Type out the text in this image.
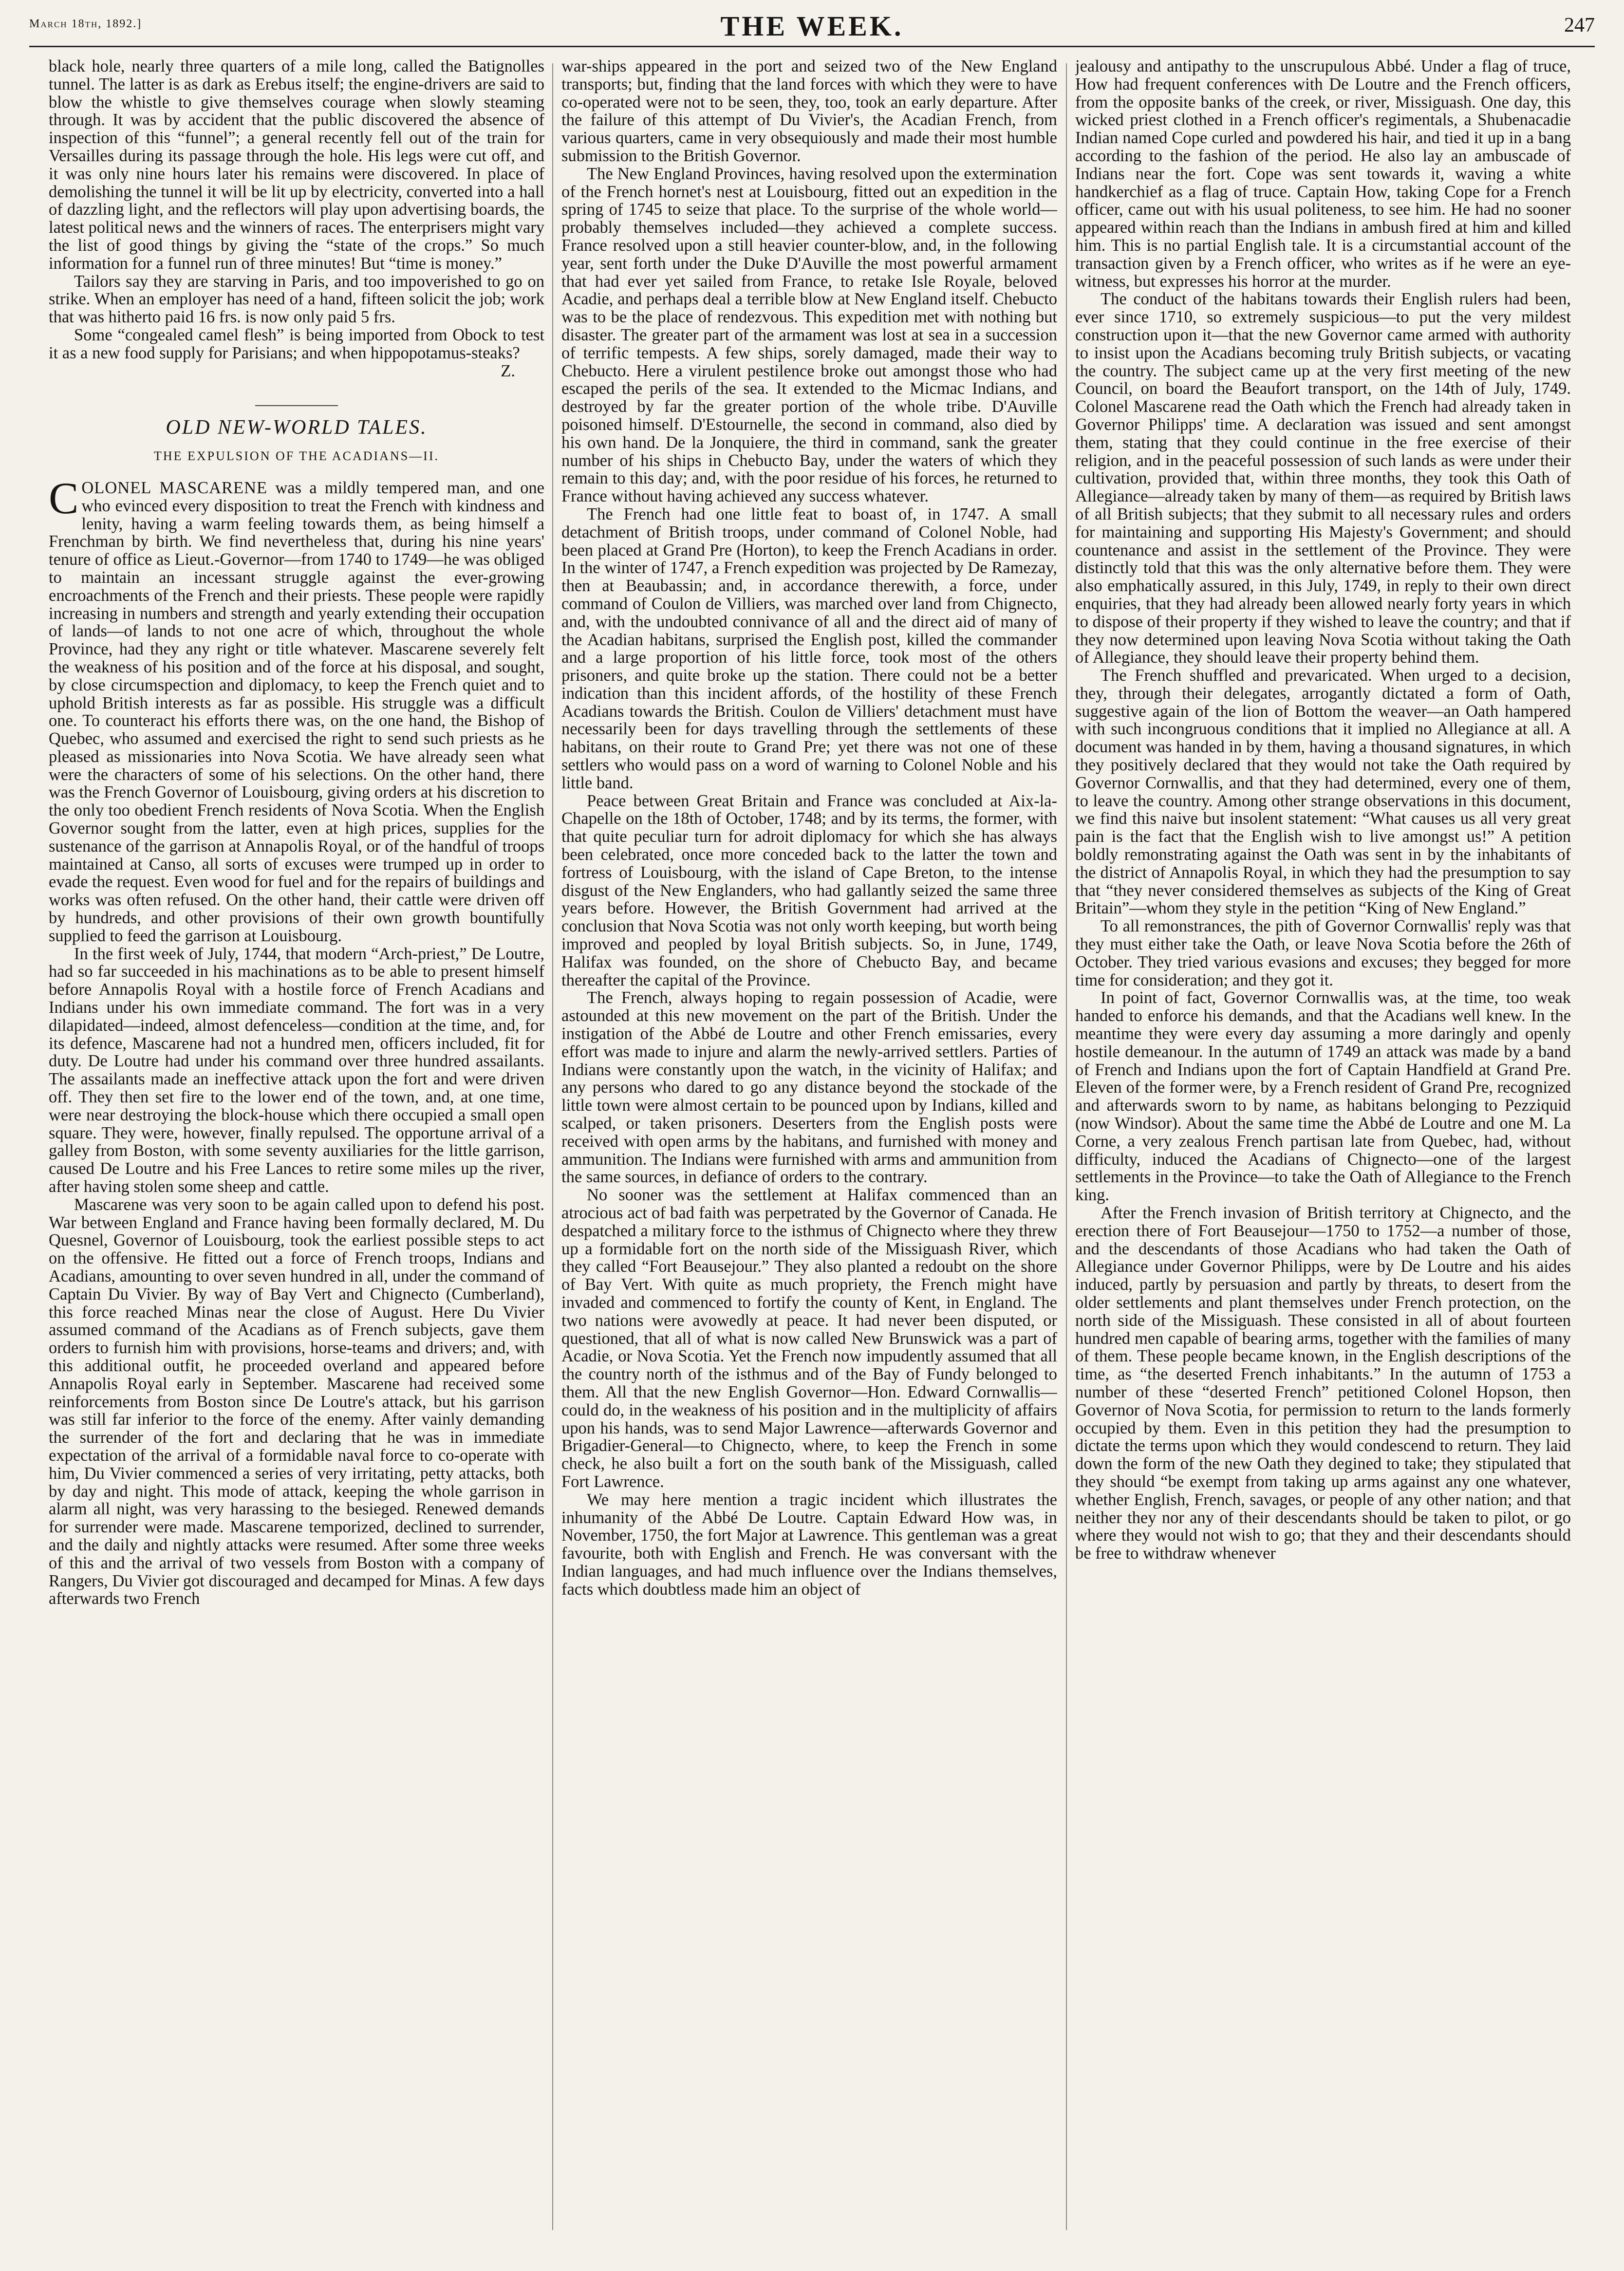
March 18th, 1892.]	THE WEEK.	247

black hole, nearly three quarters of a mile long, called the Batignolles tunnel. The latter is as dark as Erebus itself; the engine-drivers are said to blow the whistle to give themselves courage when slowly steaming through. It was by accident that the public discovered the absence of inspection of this “funnel”; a general recently fell out of the train for Versailles during its passage through the hole. His legs were cut off, and it was only nine hours later his remains were discovered. In place of demolishing the tunnel it will be lit up by electricity, converted into a hall of dazzling light, and the reflectors will play upon advertising boards, the latest political news and the winners of races. The enterprisers might vary the list of good things by giving the “state of the crops.” So much information for a funnel run of three minutes! But “time is money.”

Tailors say they are starving in Paris, and too impoverished to go on strike. When an employer has need of a hand, fifteen solicit the job; work that was hitherto paid 16 frs. is now only paid 5 frs.

Some “congealed camel flesh” is being imported from Obock to test it as a new food supply for Parisians; and when hippopotamus-steaks?

Z.

OLD NEW-WORLD TALES.

THE EXPULSION OF THE ACADIANS—II.

COLONEL MASCARENE was a mildly tempered man, and one who evinced every disposition to treat the French with kindness and lenity, having a warm feeling towards them, as being himself a Frenchman by birth. We find nevertheless that, during his nine years' tenure of office as Lieut.-Governor—from 1740 to 1749—he was obliged to maintain an incessant struggle against the ever-growing encroachments of the French and their priests. These people were rapidly increasing in numbers and strength and yearly extending their occupation of lands—of lands to not one acre of which, throughout the whole Province, had they any right or title whatever. Mascarene severely felt the weakness of his position and of the force at his disposal, and sought, by close circumspection and diplomacy, to keep the French quiet and to uphold British interests as far as possible. His struggle was a difficult one. To counteract his efforts there was, on the one hand, the Bishop of Quebec, who assumed and exercised the right to send such priests as he pleased as missionaries into Nova Scotia. We have already seen what were the characters of some of his selections. On the other hand, there was the French Governor of Louisbourg, giving orders at his discretion to the only too obedient French residents of Nova Scotia. When the English Governor sought from the latter, even at high prices, supplies for the sustenance of the garrison at Annapolis Royal, or of the handful of troops maintained at Canso, all sorts of excuses were trumped up in order to evade the request. Even wood for fuel and for the repairs of buildings and works was often refused. On the other hand, their cattle were driven off by hundreds, and other provisions of their own growth bountifully supplied to feed the garrison at Louisbourg.

In the first week of July, 1744, that modern “Arch-priest,” De Loutre, had so far succeeded in his machinations as to be able to present himself before Annapolis Royal with a hostile force of French Acadians and Indians under his own immediate command. The fort was in a very dilapidated—indeed, almost defenceless—condition at the time, and, for its defence, Mascarene had not a hundred men, officers included, fit for duty. De Loutre had under his command over three hundred assailants. The assailants made an ineffective attack upon the fort and were driven off. They then set fire to the lower end of the town, and, at one time, were near destroying the block-house which there occupied a small open square. They were, however, finally repulsed. The opportune arrival of a galley from Boston, with some seventy auxiliaries for the little garrison, caused De Loutre and his Free Lances to retire some miles up the river, after having stolen some sheep and cattle.

Mascarene was very soon to be again called upon to defend his post. War between England and France having been formally declared, M. Du Quesnel, Governor of Louisbourg, took the earliest possible steps to act on the offensive. He fitted out a force of French troops, Indians and Acadians, amounting to over seven hundred in all, under the command of Captain Du Vivier. By way of Bay Vert and Chignecto (Cumberland), this force reached Minas near the close of August. Here Du Vivier assumed command of the Acadians as of French subjects, gave them orders to furnish him with provisions, horse-teams and drivers; and, with this additional outfit, he proceeded overland and appeared before Annapolis Royal early in September. Mascarene had received some reinforcements from Boston since De Loutre's attack, but his garrison was still far inferior to the force of the enemy. After vainly demanding the surrender of the fort and declaring that he was in immediate expectation of the arrival of a formidable naval force to co-operate with him, Du Vivier commenced a series of very irritating, petty attacks, both by day and night. This mode of attack, keeping the whole garrison in alarm all night, was very harassing to the besieged. Renewed demands for surrender were made. Mascarene temporized, declined to surrender, and the daily and nightly attacks were resumed. After some three weeks of this and the arrival of two vessels from Boston with a company of Rangers, Du Vivier got discouraged and decamped for Minas. A few days afterwards two French

war-ships appeared in the port and seized two of the New England transports; but, finding that the land forces with which they were to have co-operated were not to be seen, they, too, took an early departure. After the failure of this attempt of Du Vivier's, the Acadian French, from various quarters, came in very obsequiously and made their most humble submission to the British Governor.

The New England Provinces, having resolved upon the extermination of the French hornet's nest at Louisbourg, fitted out an expedition in the spring of 1745 to seize that place. To the surprise of the whole world—probably themselves included—they achieved a complete success. France resolved upon a still heavier counter-blow, and, in the following year, sent forth under the Duke D'Auville the most powerful armament that had ever yet sailed from France, to retake Isle Royale, beloved Acadie, and perhaps deal a terrible blow at New England itself. Chebucto was to be the place of rendezvous. This expedition met with nothing but disaster. The greater part of the armament was lost at sea in a succession of terrific tempests. A few ships, sorely damaged, made their way to Chebucto. Here a virulent pestilence broke out amongst those who had escaped the perils of the sea. It extended to the Micmac Indians, and destroyed by far the greater portion of the whole tribe. D'Auville poisoned himself. D'Estournelle, the second in command, also died by his own hand. De la Jonquiere, the third in command, sank the greater number of his ships in Chebucto Bay, under the waters of which they remain to this day; and, with the poor residue of his forces, he returned to France without having achieved any success whatever.

The French had one little feat to boast of, in 1747. A small detachment of British troops, under command of Colonel Noble, had been placed at Grand Pre (Horton), to keep the French Acadians in order. In the winter of 1747, a French expedition was projected by De Ramezay, then at Beaubassin; and, in accordance therewith, a force, under command of Coulon de Villiers, was marched over land from Chignecto, and, with the undoubted connivance of all and the direct aid of many of the Acadian habitans, surprised the English post, killed the commander and a large proportion of his little force, took most of the others prisoners, and quite broke up the station. There could not be a better indication than this incident affords, of the hostility of these French Acadians towards the British. Coulon de Villiers' detachment must have necessarily been for days travelling through the settlements of these habitans, on their route to Grand Pre; yet there was not one of these settlers who would pass on a word of warning to Colonel Noble and his little band.

Peace between Great Britain and France was concluded at Aix-la-Chapelle on the 18th of October, 1748; and by its terms, the former, with that quite peculiar turn for adroit diplomacy for which she has always been celebrated, once more conceded back to the latter the town and fortress of Louisbourg, with the island of Cape Breton, to the intense disgust of the New Englanders, who had gallantly seized the same three years before. However, the British Government had arrived at the conclusion that Nova Scotia was not only worth keeping, but worth being improved and peopled by loyal British subjects. So, in June, 1749, Halifax was founded, on the shore of Chebucto Bay, and became thereafter the capital of the Province.

The French, always hoping to regain possession of Acadie, were astounded at this new movement on the part of the British. Under the instigation of the Abbé de Loutre and other French emissaries, every effort was made to injure and alarm the newly-arrived settlers. Parties of Indians were constantly upon the watch, in the vicinity of Halifax; and any persons who dared to go any distance beyond the stockade of the little town were almost certain to be pounced upon by Indians, killed and scalped, or taken prisoners. Deserters from the English posts were received with open arms by the habitans, and furnished with money and ammunition. The Indians were furnished with arms and ammunition from the same sources, in defiance of orders to the contrary.

No sooner was the settlement at Halifax commenced than an atrocious act of bad faith was perpetrated by the Governor of Canada. He despatched a military force to the isthmus of Chignecto where they threw up a formidable fort on the north side of the Missiguash River, which they called “Fort Beausejour.” They also planted a redoubt on the shore of Bay Vert. With quite as much propriety, the French might have invaded and commenced to fortify the county of Kent, in England. The two nations were avowedly at peace. It had never been disputed, or questioned, that all of what is now called New Brunswick was a part of Acadie, or Nova Scotia. Yet the French now impudently assumed that all the country north of the isthmus and of the Bay of Fundy belonged to them. All that the new English Governor—Hon. Edward Cornwallis—could do, in the weakness of his position and in the multiplicity of affairs upon his hands, was to send Major Lawrence—afterwards Governor and Brigadier-General—to Chignecto, where, to keep the French in some check, he also built a fort on the south bank of the Missiguash, called Fort Lawrence.

We may here mention a tragic incident which illustrates the inhumanity of the Abbé De Loutre. Captain Edward How was, in November, 1750, the fort Major at Lawrence. This gentleman was a great favourite, both with English and French. He was conversant with the Indian languages, and had much influence over the Indians themselves, facts which doubtless made him an object of

jealousy and antipathy to the unscrupulous Abbé. Under a flag of truce, How had frequent conferences with De Loutre and the French officers, from the opposite banks of the creek, or river, Missiguash. One day, this wicked priest clothed in a French officer's regimentals, a Shubenacadie Indian named Cope curled and powdered his hair, and tied it up in a bang according to the fashion of the period. He also lay an ambuscade of Indians near the fort. Cope was sent towards it, waving a white handkerchief as a flag of truce. Captain How, taking Cope for a French officer, came out with his usual politeness, to see him. He had no sooner appeared within reach than the Indians in ambush fired at him and killed him. This is no partial English tale. It is a circumstantial account of the transaction given by a French officer, who writes as if he were an eye-witness, but expresses his horror at the murder.

The conduct of the habitans towards their English rulers had been, ever since 1710, so extremely suspicious—to put the very mildest construction upon it—that the new Governor came armed with authority to insist upon the Acadians becoming truly British subjects, or vacating the country. The subject came up at the very first meeting of the new Council, on board the Beaufort transport, on the 14th of July, 1749. Colonel Mascarene read the Oath which the French had already taken in Governor Philipps' time. A declaration was issued and sent amongst them, stating that they could continue in the free exercise of their religion, and in the peaceful possession of such lands as were under their cultivation, provided that, within three months, they took this Oath of Allegiance—already taken by many of them—as required by British laws of all British subjects; that they submit to all necessary rules and orders for maintaining and supporting His Majesty's Government; and should countenance and assist in the settlement of the Province. They were distinctly told that this was the only alternative before them. They were also emphatically assured, in this July, 1749, in reply to their own direct enquiries, that they had already been allowed nearly forty years in which to dispose of their property if they wished to leave the country; and that if they now determined upon leaving Nova Scotia without taking the Oath of Allegiance, they should leave their property behind them.

The French shuffled and prevaricated. When urged to a decision, they, through their delegates, arrogantly dictated a form of Oath, suggestive again of the lion of Bottom the weaver—an Oath hampered with such incongruous conditions that it implied no Allegiance at all. A document was handed in by them, having a thousand signatures, in which they positively declared that they would not take the Oath required by Governor Cornwallis, and that they had determined, every one of them, to leave the country. Among other strange observations in this document, we find this naive but insolent statement: “What causes us all very great pain is the fact that the English wish to live amongst us!” A petition boldly remonstrating against the Oath was sent in by the inhabitants of the district of Annapolis Royal, in which they had the presumption to say that “they never considered themselves as subjects of the King of Great Britain”—whom they style in the petition “King of New England.”

To all remonstrances, the pith of Governor Cornwallis' reply was that they must either take the Oath, or leave Nova Scotia before the 26th of October. They tried various evasions and excuses; they begged for more time for consideration; and they got it.

In point of fact, Governor Cornwallis was, at the time, too weak handed to enforce his demands, and that the Acadians well knew. In the meantime they were every day assuming a more daringly and openly hostile demeanour. In the autumn of 1749 an attack was made by a band of French and Indians upon the fort of Captain Handfield at Grand Pre. Eleven of the former were, by a French resident of Grand Pre, recognized and afterwards sworn to by name, as habitans belonging to Pezziquid (now Windsor). About the same time the Abbé de Loutre and one M. La Corne, a very zealous French partisan late from Quebec, had, without difficulty, induced the Acadians of Chignecto—one of the largest settlements in the Province—to take the Oath of Allegiance to the French king.

After the French invasion of British territory at Chignecto, and the erection there of Fort Beausejour—1750 to 1752—a number of those, and the descendants of those Acadians who had taken the Oath of Allegiance under Governor Philipps, were by De Loutre and his aides induced, partly by persuasion and partly by threats, to desert from the older settlements and plant themselves under French protection, on the north side of the Missiguash. These consisted in all of about fourteen hundred men capable of bearing arms, together with the families of many of them. These people became known, in the English descriptions of the time, as “the deserted French inhabitants.” In the autumn of 1753 a number of these “deserted French” petitioned Colonel Hopson, then Governor of Nova Scotia, for permission to return to the lands formerly occupied by them. Even in this petition they had the presumption to dictate the terms upon which they would condescend to return. They laid down the form of the new Oath they degined to take; they stipulated that they should “be exempt from taking up arms against any one whatever, whether English, French, savages, or people of any other nation; and that neither they nor any of their descendants should be taken to pilot, or go where they would not wish to go; that they and their descendants should be free to withdraw whenever
